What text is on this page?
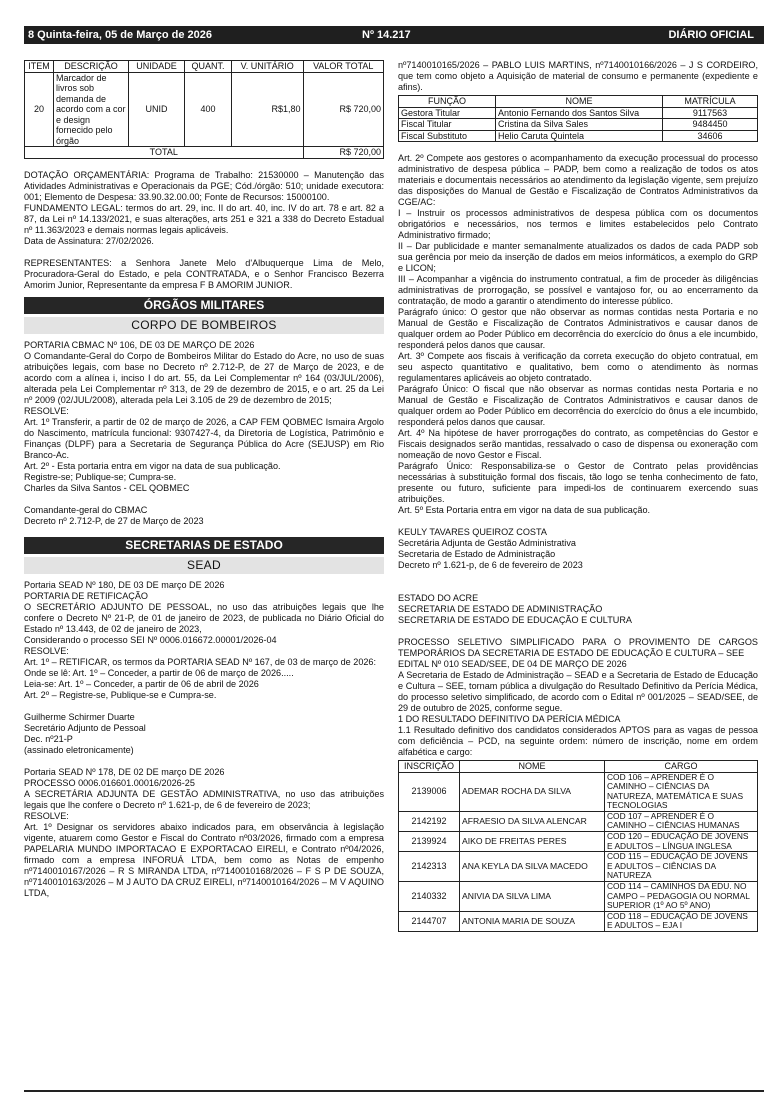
8 Quinta-feira, 05 de Março de 2026	Nº 14.217	DIÁRIO OFICIAL
ITEM	DESCRIÇÃO	UNIDADE	QUANT.	V. UNITÁRIO	VALOR TOTAL
20	Marcador de livros sob demanda de acordo com a cor e design fornecido pelo órgão	UNID	400	R$1,80	R$ 720,00
TOTAL					R$ 720,00

DOTAÇÃO ORÇAMENTÁRIA: Programa de Trabalho: 21530000 – Manutenção das Atividades Administrativas e Operacionais da PGE; Cód./órgão: 510; unidade executora: 001; Elemento de Despesa: 33.90.32.00.00; Fonte de Recursos: 15000100.

FUNDAMENTO LEGAL: termos do art. 29, inc. II do art. 40, inc. IV do art. 78 e art. 82 a 87, da Lei nº 14.133/2021, e suas alterações, arts 251 e 321 a 338 do Decreto Estadual nº 11.363/2023 e demais normas legais aplicáveis.

Data de Assinatura: 27/02/2026.

REPRESENTANTES: a Senhora Janete Melo d'Albuquerque Lima de Melo, Procuradora-Geral do Estado, e pela CONTRATADA, e o Senhor Francisco Bezerra Amorim Junior, Representante da empresa F B AMORIM JUNIOR.

ÓRGÃOS MILITARES
CORPO DE BOMBEIROS

PORTARIA CBMAC Nº 106, DE 03 DE MARÇO DE 2026

O Comandante-Geral do Corpo de Bombeiros Militar do Estado do Acre, no uso de suas atribuições legais, com base no Decreto nº 2.712-P, de 27 de Março de 2023, e de acordo com a alínea i, inciso I do art. 55, da Lei Complementar nº 164 (03/JUL/2006), alterada pela Lei Complementar nº 313, de 29 de dezembro de 2015, e o art. 25 da Lei nº 2009 (02/JUL/2008), alterada pela Lei 3.105 de 29 de dezembro de 2015;

RESOLVE:

Art. 1º Transferir, a partir de 02 de março de 2026, a CAP FEM QOBMEC Ismaira Argolo do Nascimento, matrícula funcional: 9307427-4, da Diretoria de Logística, Patrimônio e Finanças (DLPF) para a Secretaria de Segurança Pública do Acre (SEJUSP) em Rio Branco-Ac.

Art. 2º - Esta portaria entra em vigor na data de sua publicação.

Registre-se; Publique-se; Cumpra-se.

Charles da Silva Santos - CEL QOBMEC

Comandante-geral do CBMAC

Decreto nº 2.712-P, de 27 de Março de 2023

SECRETARIAS DE ESTADO
SEAD

Portaria SEAD Nº 180, DE 03 DE março DE 2026

PORTARIA DE RETIFICAÇÃO

O SECRETÁRIO ADJUNTO DE PESSOAL, no uso das atribuições legais que lhe confere o Decreto Nº 21-P, de 01 de janeiro de 2023, de publicada no Diário Oficial do Estado nº 13.443, de 02 de janeiro de 2023,

Considerando o processo SEI Nº 0006.016672.00001/2026-04

RESOLVE:

Art. 1º – RETIFICAR, os termos da PORTARIA SEAD Nº 167, de 03 de março de 2026:

Onde se lê: Art. 1º – Conceder, a partir de 06 de março de 2026.....

Leia-se: Art. 1º – Conceder, a partir de 06 de abril de 2026

Art. 2º – Registre-se, Publique-se e Cumpra-se.

Guilherme Schirmer Duarte

Secretário Adjunto de Pessoal

Dec. nº21-P

(assinado eletronicamente)

Portaria SEAD Nº 178, DE 02 DE março DE 2026

PROCESSO 0006.016601.00016/2026-25

A SECRETÁRIA ADJUNTA DE GESTÃO ADMINISTRATIVA, no uso das atribuições legais que lhe confere o Decreto nº 1.621-p, de 6 de fevereiro de 2023;

RESOLVE:

Art. 1º Designar os servidores abaixo indicados para, em observância à legislação vigente, atuarem como Gestor e Fiscal do Contrato nº03/2026, firmado com a empresa PAPELARIA MUNDO IMPORTACAO E EXPORTACAO EIRELI, e Contrato nº04/2026, firmado com a empresa INFORUÁ LTDA, bem como as Notas de empenho nº7140010167/2026 – R S MIRANDA LTDA, nº7140010168/2026 – F S P DE SOUZA, nº7140010163/2026 – M J AUTO DA CRUZ EIRELI, nº7140010164/2026 – M V AQUINO LTDA,

nº7140010165/2026 – PABLO LUIS MARTINS, nº7140010166/2026 – J S CORDEIRO, que tem como objeto a Aquisição de material de consumo e permanente (expediente e afins).

FUNÇÃO	NOME	MATRÍCULA
Gestora Titular	Antonio Fernando dos Santos Silva	9117563
Fiscal Titular	Cristina da Silva Sales	9484450
Fiscal Substituto	Helio Caruta Quintela	34606

Art. 2º Compete aos gestores o acompanhamento da execução processual do processo administrativo de despesa pública – PADP, bem como a realização de todos os atos materiais e documentais necessários ao atendimento da legislação vigente, sem prejuízo das disposições do Manual de Gestão e Fiscalização de Contratos Administrativos da CGE/AC:

I – Instruir os processos administrativos de despesa pública com os documentos obrigatórios e necessários, nos termos e limites estabelecidos pelo Contrato Administrativo firmado;

II – Dar publicidade e manter semanalmente atualizados os dados de cada PADP sob sua gerência por meio da inserção de dados em meios informáticos, a exemplo do GRP e LICON;

III – Acompanhar a vigência do instrumento contratual, a fim de proceder às diligências administrativas de prorrogação, se possível e vantajoso for, ou ao encerramento da contratação, de modo a garantir o atendimento do interesse público.

Parágrafo único: O gestor que não observar as normas contidas nesta Portaria e no Manual de Gestão e Fiscalização de Contratos Administrativos e causar danos de qualquer ordem ao Poder Público em decorrência do exercício do ônus a ele incumbido, responderá pelos danos que causar.

Art. 3º Compete aos fiscais à verificação da correta execução do objeto contratual, em seu aspecto quantitativo e qualitativo, bem como o atendimento às normas regulamentares aplicáveis ao objeto contratado.

Parágrafo Único: O fiscal que não observar as normas contidas nesta Portaria e no Manual de Gestão e Fiscalização de Contratos Administrativos e causar danos de qualquer ordem ao Poder Público em decorrência do exercício do ônus a ele incumbido, responderá pelos danos que causar.

Art. 4º Na hipótese de haver prorrogações do contrato, as competências do Gestor e Fiscais designados serão mantidas, ressalvado o caso de dispensa ou exoneração com nomeação de novo Gestor e Fiscal.

Parágrafo Único: Responsabiliza-se o Gestor de Contrato pelas providências necessárias à substituição formal dos fiscais, tão logo se tenha conhecimento de fato, presente ou futuro, suficiente para impedi-los de continuarem exercendo suas atribuições.

Art. 5º Esta Portaria entra em vigor na data de sua publicação.

KEULY TAVARES QUEIROZ COSTA

Secretária Adjunta de Gestão Administrativa

Secretaria de Estado de Administração

Decreto nº 1.621-p, de 6 de fevereiro de 2023

ESTADO DO ACRE

SECRETARIA DE ESTADO DE ADMINISTRAÇÃO

SECRETARIA DE ESTADO DE EDUCAÇÃO E CULTURA

PROCESSO SELETIVO SIMPLIFICADO PARA O PROVIMENTO DE CARGOS TEMPORÁRIOS DA SECRETARIA DE ESTADO DE EDUCAÇÃO E CULTURA – SEE

EDITAL Nº 010 SEAD/SEE, DE 04 DE MARÇO DE 2026

A Secretaria de Estado de Administração – SEAD e a Secretaria de Estado de Educação e Cultura – SEE, tornam pública a divulgação do Resultado Definitivo da Perícia Médica, do processo seletivo simplificado, de acordo com o Edital nº 001/2025 – SEAD/SEE, de 29 de outubro de 2025, conforme segue.

1 DO RESULTADO DEFINITIVO DA PERÍCIA MÉDICA

1.1 Resultado definitivo dos candidatos considerados APTOS para as vagas de pessoa com deficiência – PCD, na seguinte ordem: número de inscrição, nome em ordem alfabética e cargo:

INSCRIÇÃO	NOME	CARGO
2139006	ADEMAR ROCHA DA SILVA	COD 106 – APRENDER É O CAMINHO – CIÊNCIAS DA NATUREZA, MATEMÁTICA E SUAS TECNOLOGIAS
2142192	AFRAESIO DA SILVA ALENCAR	COD 107 – APRENDER É O CAMINHO – CIÊNCIAS HUMANAS
2139924	AIKO DE FREITAS PERES	COD 120 – EDUCAÇÃO DE JOVENS E ADULTOS – LÍNGUA INGLESA
2142313	ANA KEYLA DA SILVA MACEDO	COD 115 – EDUCAÇÃO DE JOVENS E ADULTOS – CIÊNCIAS DA NATUREZA
2140332	ANIVIA DA SILVA LIMA	COD 114 – CAMINHOS DA EDU. NO CAMPO – PEDAGOGIA OU NORMAL SUPERIOR (1º AO 5º ANO)
2144707	ANTONIA MARIA DE SOUZA	COD 118 – EDUCAÇÃO DE JOVENS E ADULTOS – EJA I
